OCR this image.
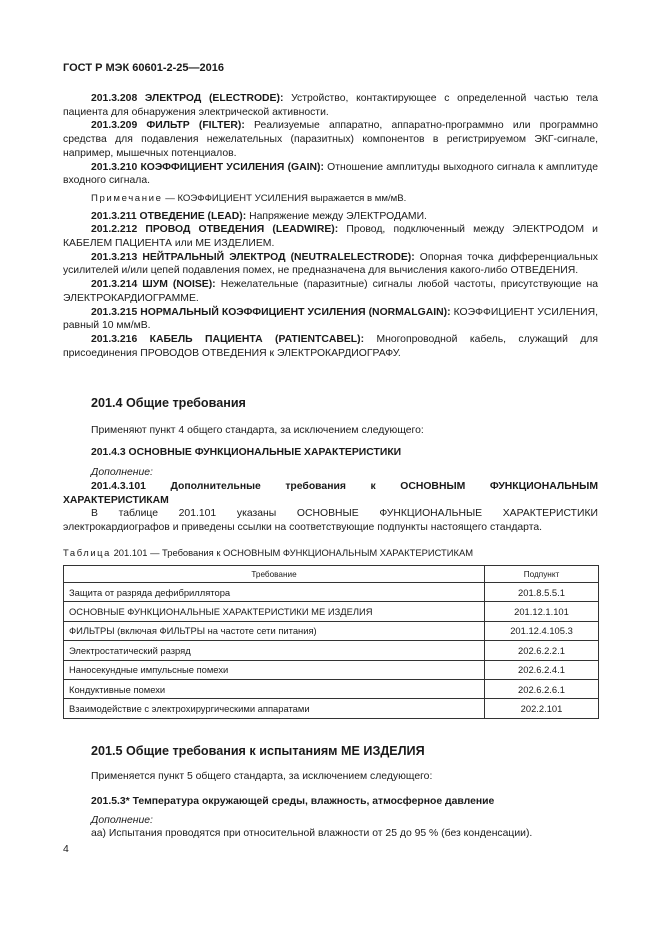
ГОСТ Р МЭК 60601-2-25—2016

201.3.208 ЭЛЕКТРОД (ELECTRODE): Устройство, контактирующее с определенной частью тела пациента для обнаружения электрической активности.

201.3.209 ФИЛЬТР (FILTER): Реализуемые аппаратно, аппаратно-программно или программно средства для подавления нежелательных (паразитных) компонентов в регистрируемом ЭКГ-сигнале, например, мышечных потенциалов.

201.3.210 КОЭФФИЦИЕНТ УСИЛЕНИЯ (GAIN): Отношение амплитуды выходного сигнала к амплитуде входного сигнала.

Примечание — КОЭФФИЦИЕНТ УСИЛЕНИЯ выражается в мм/мВ.

201.3.211 ОТВЕДЕНИЕ (LEAD): Напряжение между ЭЛЕКТРОДАМИ.

201.2.212 ПРОВОД ОТВЕДЕНИЯ (LEADWIRE): Провод, подключенный между ЭЛЕКТРОДОМ и КАБЕЛЕМ ПАЦИЕНТА или МЕ ИЗДЕЛИЕМ.

201.3.213 НЕЙТРАЛЬНЫЙ ЭЛЕКТРОД (NEUTRALELECTRODE): Опорная точка дифференциальных усилителей и/или цепей подавления помех, не предназначена для вычисления какого-либо ОТВЕДЕНИЯ.

201.3.214 ШУМ (NOISE): Нежелательные (паразитные) сигналы любой частоты, присутствующие на ЭЛЕКТРОКАРДИОГРАММЕ.

201.3.215 НОРМАЛЬНЫЙ КОЭФФИЦИЕНТ УСИЛЕНИЯ (NORMALGAIN): КОЭФФИЦИЕНТ УСИЛЕНИЯ, равный 10 мм/мВ.

201.3.216 КАБЕЛЬ ПАЦИЕНТА (PATIENTCABEL): Многопроводной кабель, служащий для присоединения ПРОВОДОВ ОТВЕДЕНИЯ к ЭЛЕКТРОКАРДИОГРАФУ.

201.4 Общие требования
Применяют пункт 4 общего стандарта, за исключением следующего:
201.4.3 ОСНОВНЫЕ ФУНКЦИОНАЛЬНЫЕ ХАРАКТЕРИСТИКИ
Дополнение:

201.4.3.101 Дополнительные требования к ОСНОВНЫМ ФУНКЦИОНАЛЬНЫМ ХАРАКТЕРИСТИКАМ

В таблице 201.101 указаны ОСНОВНЫЕ ФУНКЦИОНАЛЬНЫЕ ХАРАКТЕРИСТИКИ электрокардиографов и приведены ссылки на соответствующие подпункты настоящего стандарта.

Таблица 201.101 — Требования к ОСНОВНЫМ ФУНКЦИОНАЛЬНЫМ ХАРАКТЕРИСТИКАМ
Требование	Подпункт
Защита от разряда дефибриллятора	201.8.5.5.1
ОСНОВНЫЕ ФУНКЦИОНАЛЬНЫЕ ХАРАКТЕРИСТИКИ МЕ ИЗДЕЛИЯ	201.12.1.101
ФИЛЬТРЫ (включая ФИЛЬТРЫ на частоте сети питания)	201.12.4.105.3
Электростатический разряд	202.6.2.2.1
Наносекундные импульсные помехи	202.6.2.4.1
Кондуктивные помехи	202.6.2.6.1
Взаимодействие с электрохирургическими аппаратами	202.2.101
201.5 Общие требования к испытаниям МЕ ИЗДЕЛИЯ
Применяется пункт 5 общего стандарта, за исключением следующего:
201.5.3* Температура окружающей среды, влажность, атмосферное давление
Дополнение:
аа) Испытания проводятся при относительной влажности от 25 до 95 % (без конденсации).
4
